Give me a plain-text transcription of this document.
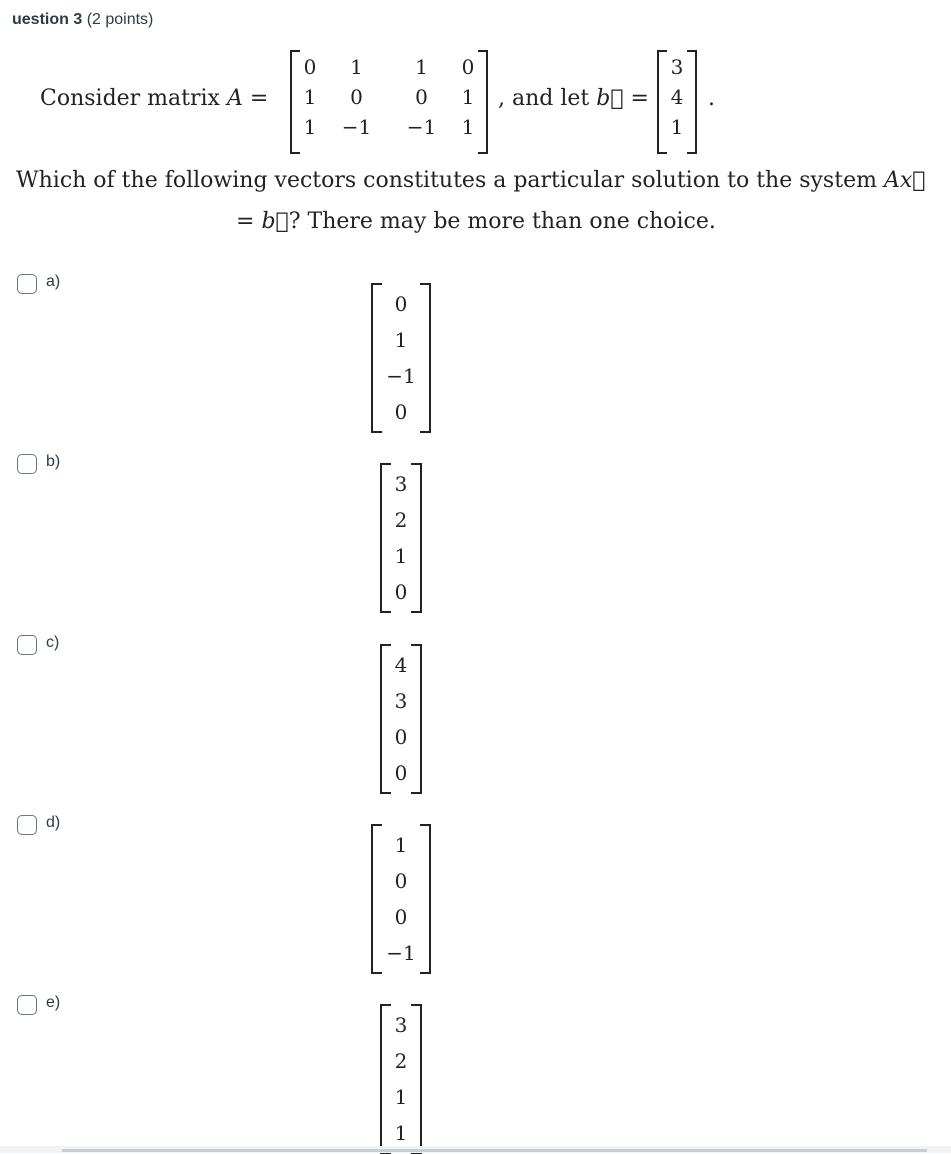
uestion 3 (2 points)
Consider matrix A =
0	1	1	0
1	0	0	1
1	−1	−1	1
, and let b⃗ =
3
4
1
.
Which of the following vectors constitutes a particular solution to the system Ax⃗
= b⃗? There may be more than one choice.
a)
0
1
−1
0
b)
3
2
1
0
c)
4
3
0
0
d)
1
0
0
−1
e)
3
2
1
1
